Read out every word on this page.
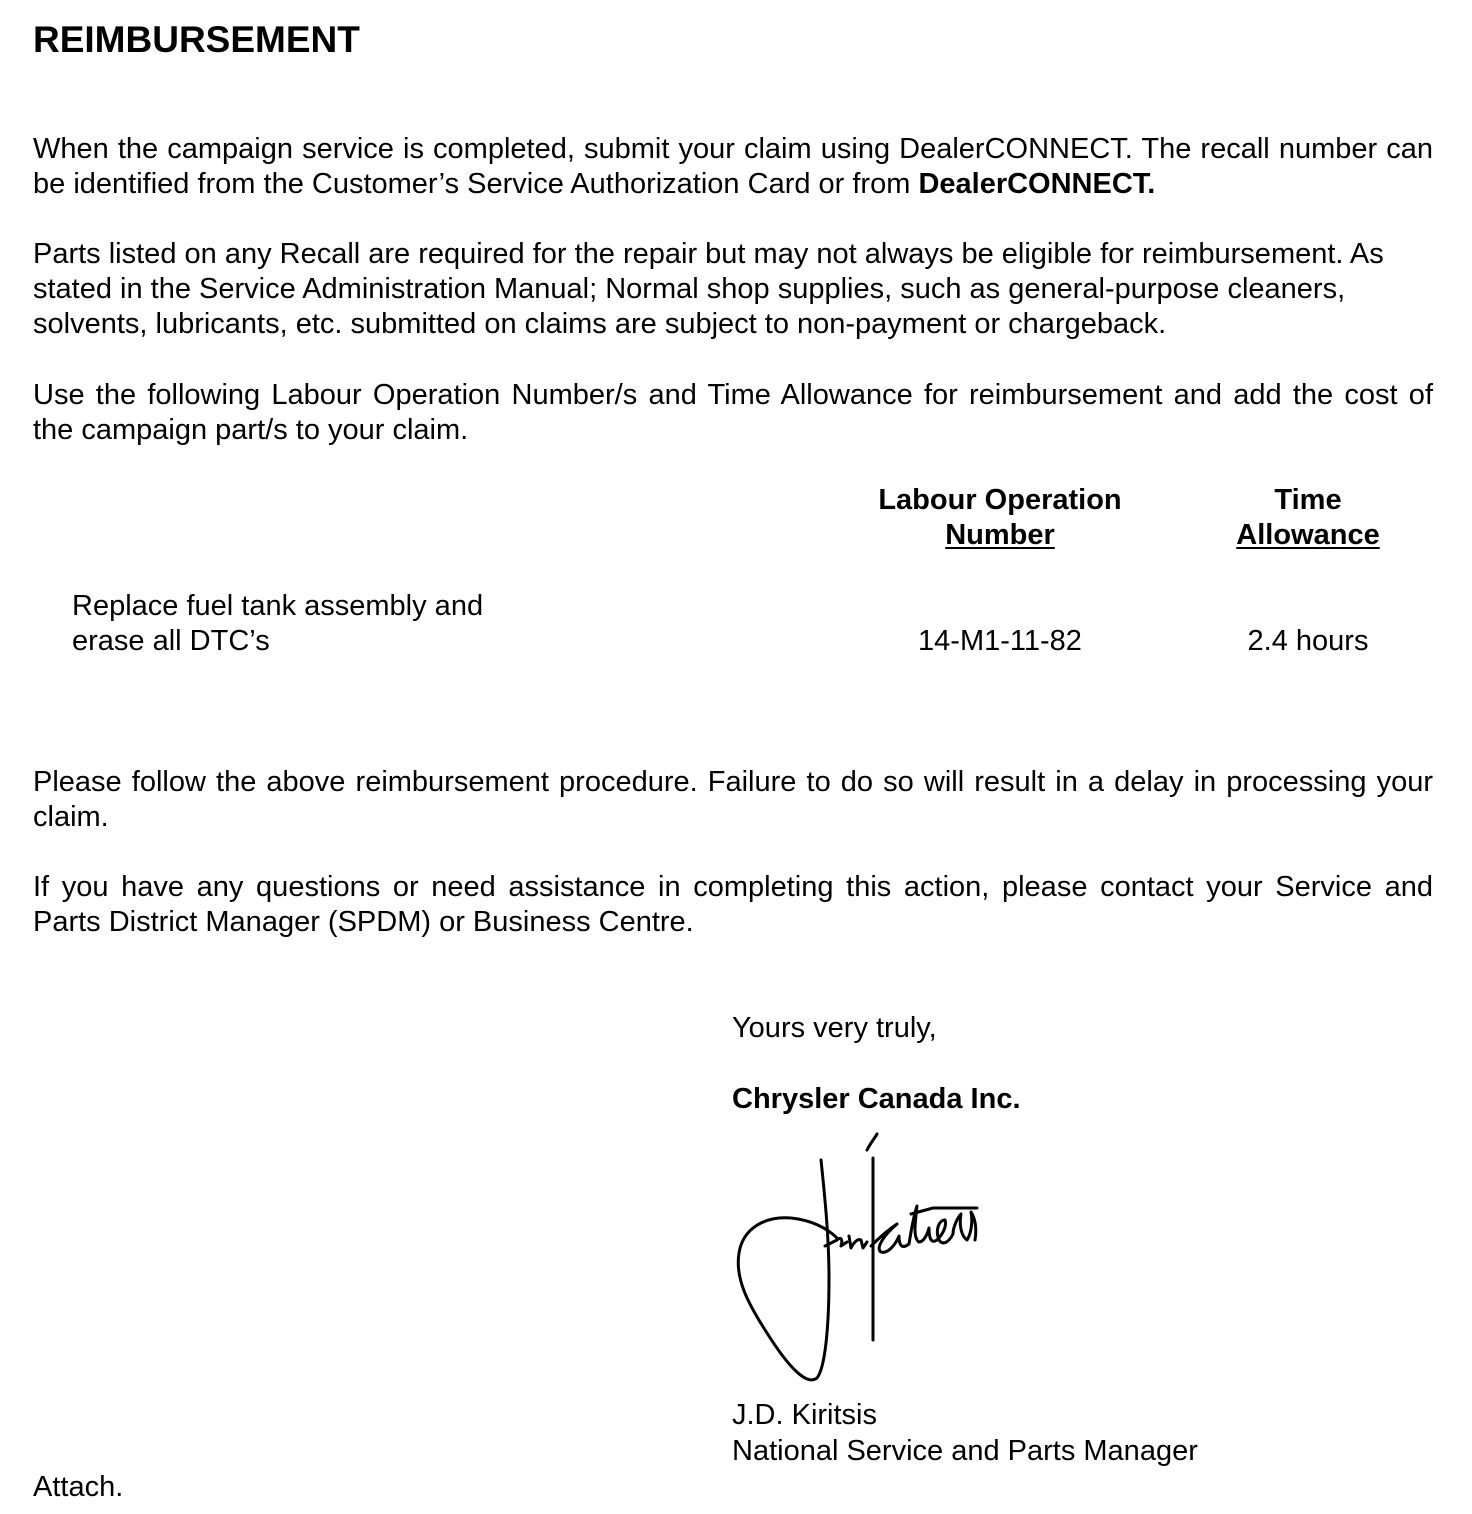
REIMBURSEMENT

When the campaign service is completed, submit your claim using DealerCONNECT. The recall number can be identified from the Customer’s Service Authorization Card or from DealerCONNECT.

Parts listed on any Recall are required for the repair but may not always be eligible for reimbursement. As stated in the Service Administration Manual; Normal shop supplies, such as general-purpose cleaners, solvents, lubricants, etc. submitted on claims are subject to non-payment or chargeback.

Use the following Labour Operation Number/s and Time Allowance for reimbursement and add the cost of the campaign part/s to your claim.

Labour Operation
Number
Time
Allowance
Replace fuel tank assembly and
erase all DTC’s	14-M1-11-82	2.4 hours

Please follow the above reimbursement procedure. Failure to do so will result in a delay in processing your claim.

If you have any questions or need assistance in completing this action, please contact your Service and Parts District Manager (SPDM) or Business Centre.

Yours very truly,
Chrysler Canada Inc.
J.D. Kiritsis
National Service and Parts Manager
Attach.
